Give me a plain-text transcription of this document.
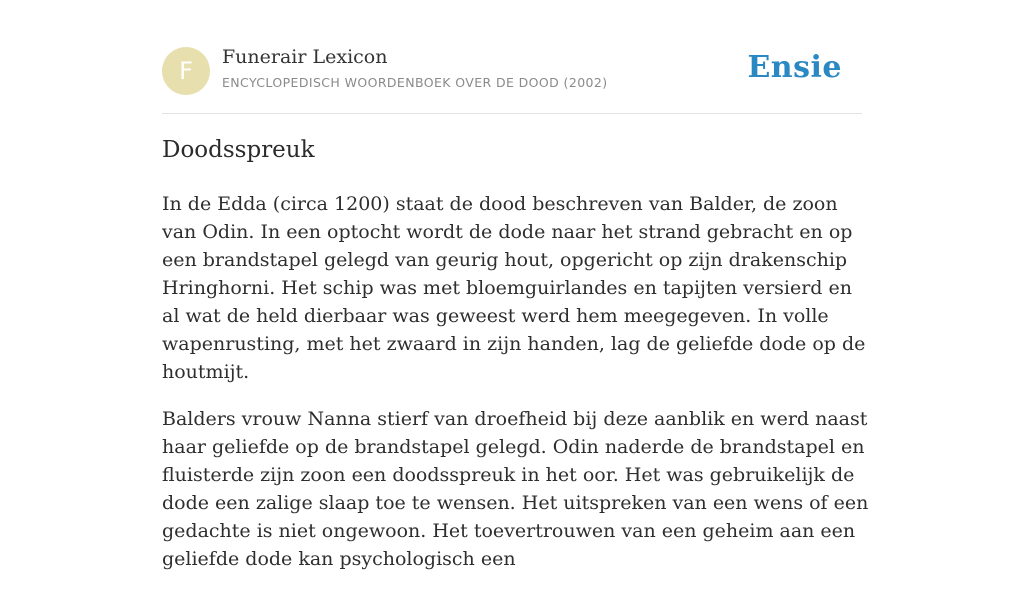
F	Funerair Lexicon
ENCYCLOPEDISCH WOORDENBOEK OVER DE DOOD (2002)	Ensie
Doodsspreuk

In de Edda (circa 1200) staat de dood beschreven van Balder, de zoon van Odin. In een optocht wordt de dode naar het strand gebracht en op een brandstapel gelegd van geurig hout, opgericht op zijn drakenschip Hringhorni. Het schip was met bloemguirlandes en tapijten versierd en al wat de held dierbaar was geweest werd hem meegegeven. In volle wapenrusting, met het zwaard in zijn handen, lag de geliefde dode op de houtmijt.

Balders vrouw Nanna stierf van droefheid bij deze aanblik en werd naast haar geliefde op de brandstapel gelegd. Odin naderde de brandstapel en fluisterde zijn zoon een doodsspreuk in het oor. Het was gebruikelijk de dode een zalige slaap toe te wensen. Het uitspreken van een wens of een gedachte is niet ongewoon. Het toevertrouwen van een geheim aan een geliefde dode kan psychologisch een
